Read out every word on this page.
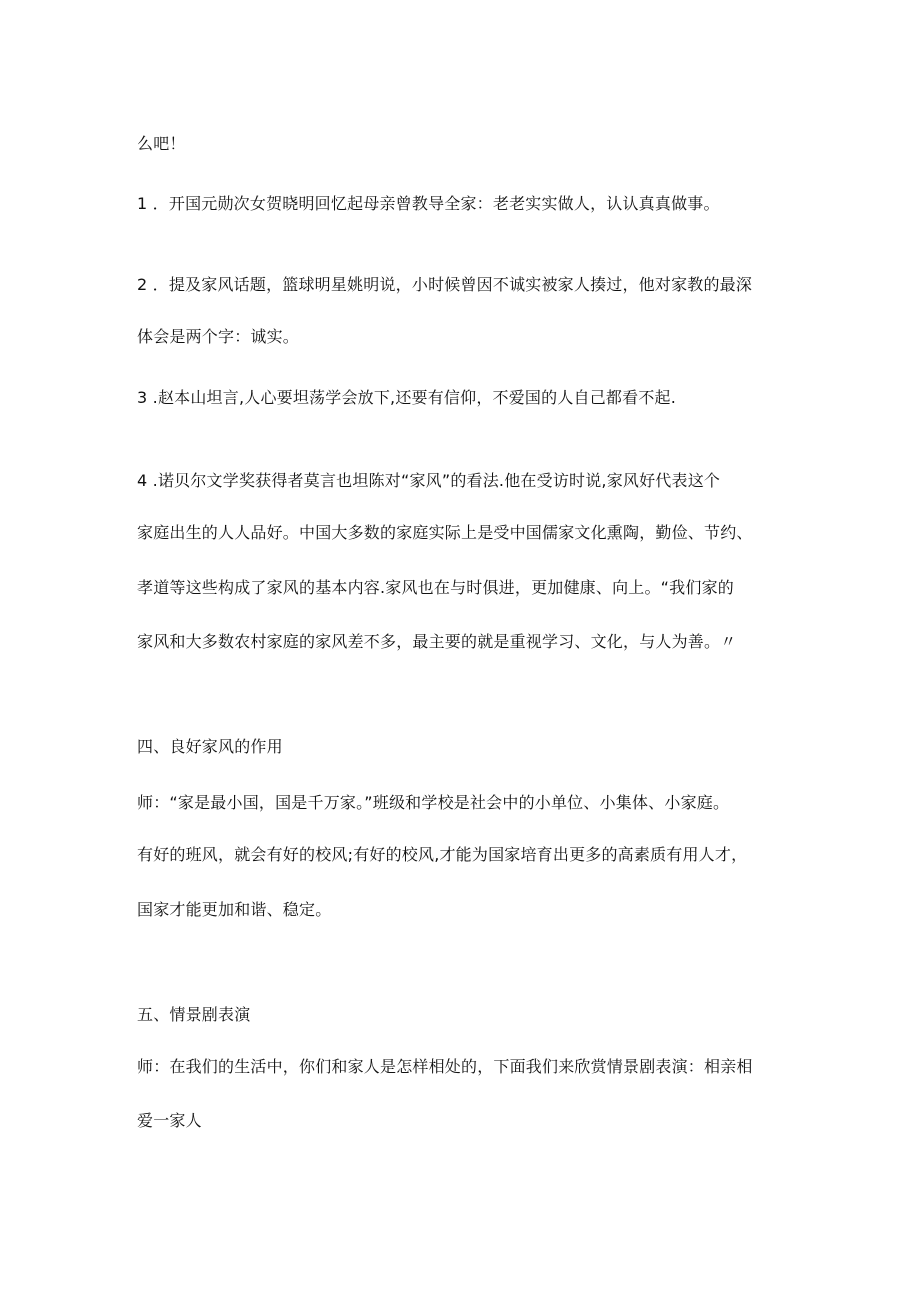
么吧！
1 ．开国元勋次女贺晓明回忆起母亲曾教导全家：老老实实做人，认认真真做事。
2 ．提及家风话题，篮球明星姚明说，小时候曾因不诚实被家人揍过，他对家教的最深
体会是两个字：诚实。
3 .赵本山坦言,人心要坦荡学会放下,还要有信仰，不爱国的人自己都看不起.
4 .诺贝尔文学奖获得者莫言也坦陈对“家风”的看法.他在受访时说,家风好代表这个
家庭出生的人人品好。中国大多数的家庭实际上是受中国儒家文化熏陶，勤俭、节约、
孝道等这些构成了家风的基本内容.家风也在与时俱进，更加健康、向上。“我们家的
家风和大多数农村家庭的家风差不多，最主要的就是重视学习、文化，与人为善。〃
四、良好家风的作用
师：“家是最小国，国是千万家。”班级和学校是社会中的小单位、小集体、小家庭。
有好的班风，就会有好的校风;有好的校风,才能为国家培育出更多的高素质有用人才，
国家才能更加和谐、稳定。
五、情景剧表演
师：在我们的生活中，你们和家人是怎样相处的，下面我们来欣赏情景剧表演：相亲相
爱一家人
